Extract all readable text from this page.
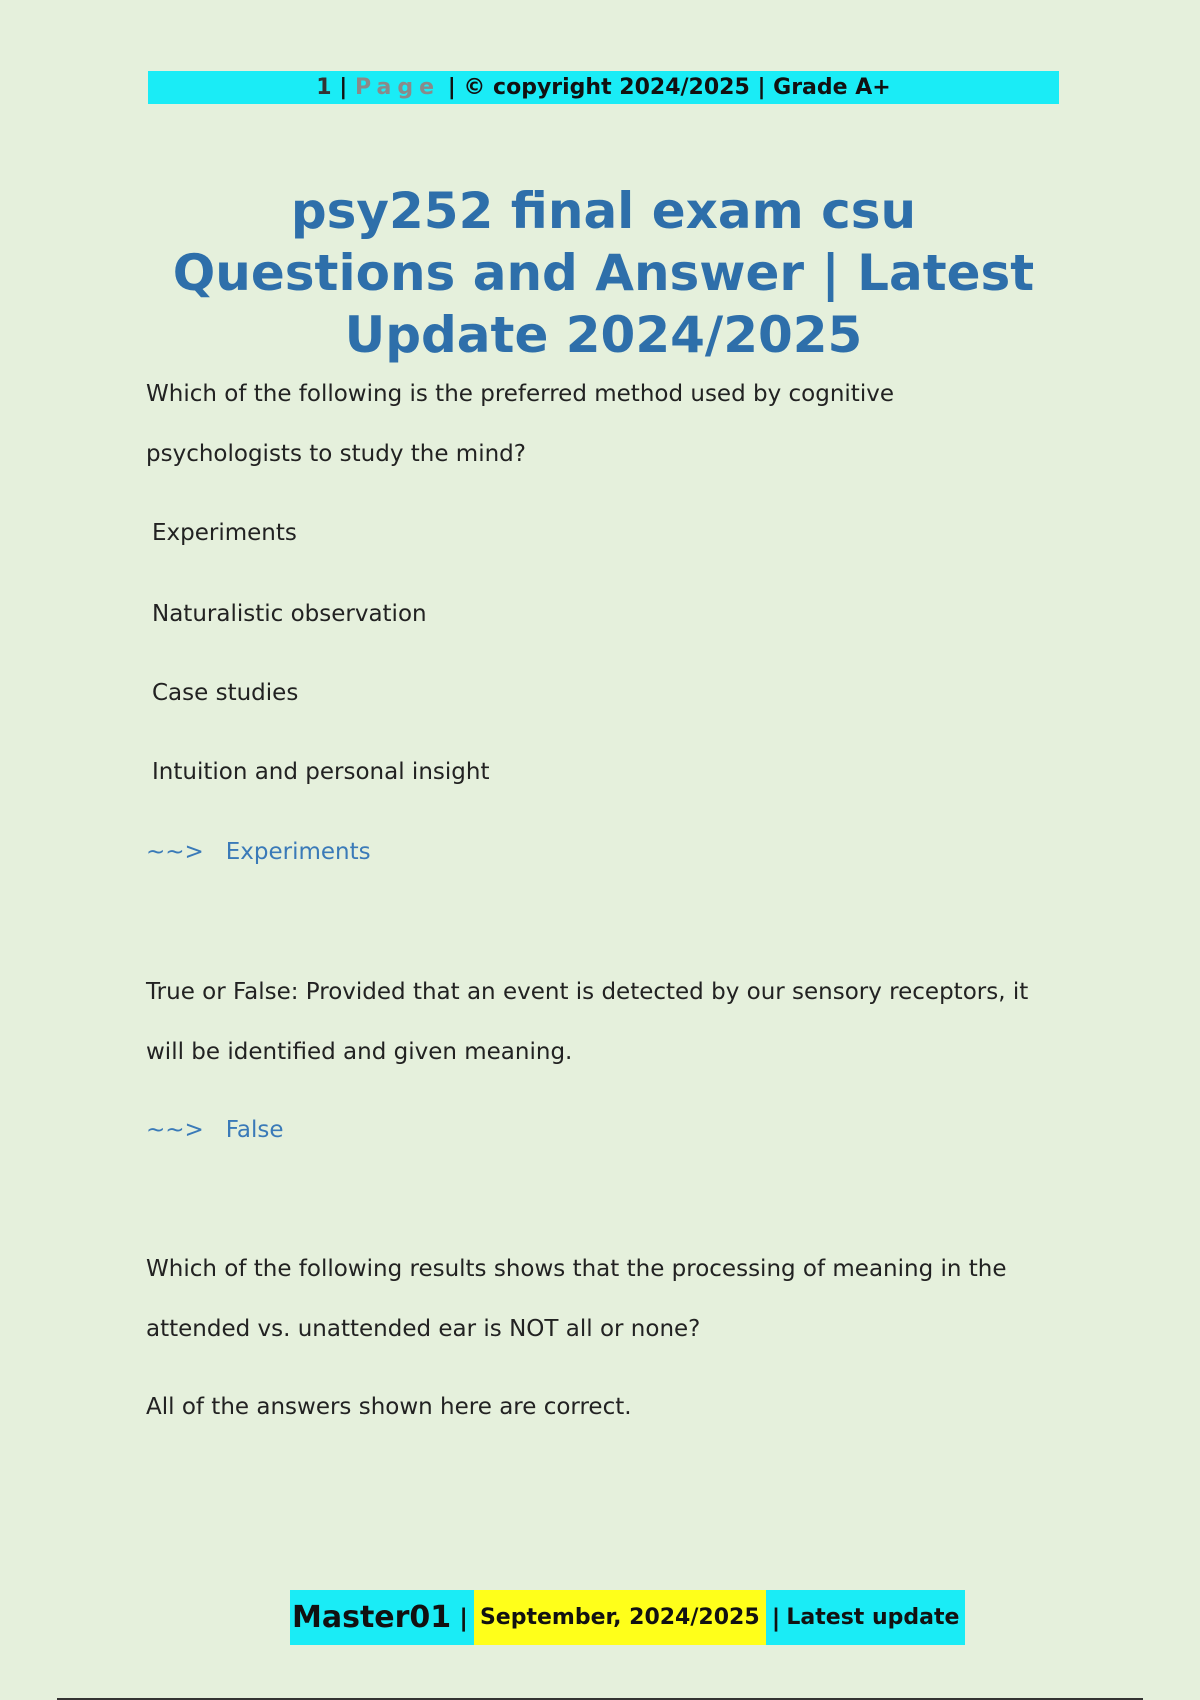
1 | Page | © copyright 2024/2025 | Grade A+
psy252 final exam csu Questions and Answer | Latest Update 2024/2025
Which of the following is the preferred method used by cognitive psychologists to study the mind?
Experiments
Naturalistic observation
Case studies
Intuition and personal insight
~~> Experiments
True or False: Provided that an event is detected by our sensory receptors, it will be identified and given meaning.
~~> False
Which of the following results shows that the processing of meaning in the attended vs. unattended ear is NOT all or none?
All of the answers shown here are correct.
Master01 | September, 2024/2025 | Latest update
